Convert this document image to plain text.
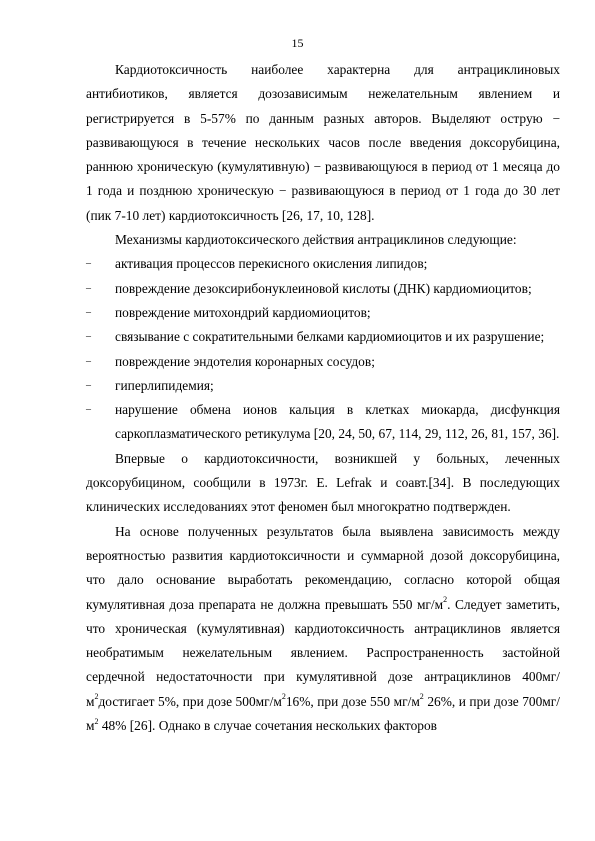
15

Кардиотоксичность наиболее характерна для антрациклиновых антибиотиков, является дозозависимым нежелательным явлением и регистрируется в 5-57% по данным разных авторов. Выделяют острую − развивающуюся в течение нескольких часов после введения доксорубицина, раннюю хроническую (кумулятивную) − развивающуюся в период от 1 месяца до 1 года и позднюю хроническую − развивающуюся в период от 1 года до 30 лет (пик 7-10 лет) кардиотоксичность [26, 17, 10, 128].

Механизмы кардиотоксического действия антрациклинов следующие:

– активация процессов перекисного окисления липидов;
– повреждение дезоксирибонуклеиновой кислоты (ДНК) кардиомиоцитов;
– повреждение митохондрий кардиомиоцитов;
– связывание с сократительными белками кардиомиоцитов и их разрушение;
– повреждение эндотелия коронарных сосудов;
– гиперлипидемия;
– нарушение обмена ионов кальция в клетках миокарда, дисфункция саркоплазматического ретикулума [20, 24, 50, 67, 114, 29, 112, 26, 81, 157, 36].

Впервые о кардиотоксичности, возникшей у больных, леченных доксорубицином, сообщили в 1973г. E. Lefrak и соавт.[34]. В последующих клинических исследованиях этот феномен был многократно подтвержден.

На основе полученных результатов была выявлена зависимость между вероятностью развития кардиотоксичности и суммарной дозой доксорубицина, что дало основание выработать рекомендацию, согласно которой общая кумулятивная доза препарата не должна превышать 550 $мг/м^2$. Следует заметить, что хроническая (кумулятивная) кардиотоксичность антрациклинов является необратимым нежелательным явлением. Распространенность застойной сердечной недостаточности при кумулятивной дозе антрациклинов $400мг/м^2достигает$ 5%, при дозе $500мг/м^216\%$, при дозе 550 $мг/м^2$ 26%, и при дозе $700мг/м^2$ 48% [26]. Однако в случае сочетания нескольких факторов
